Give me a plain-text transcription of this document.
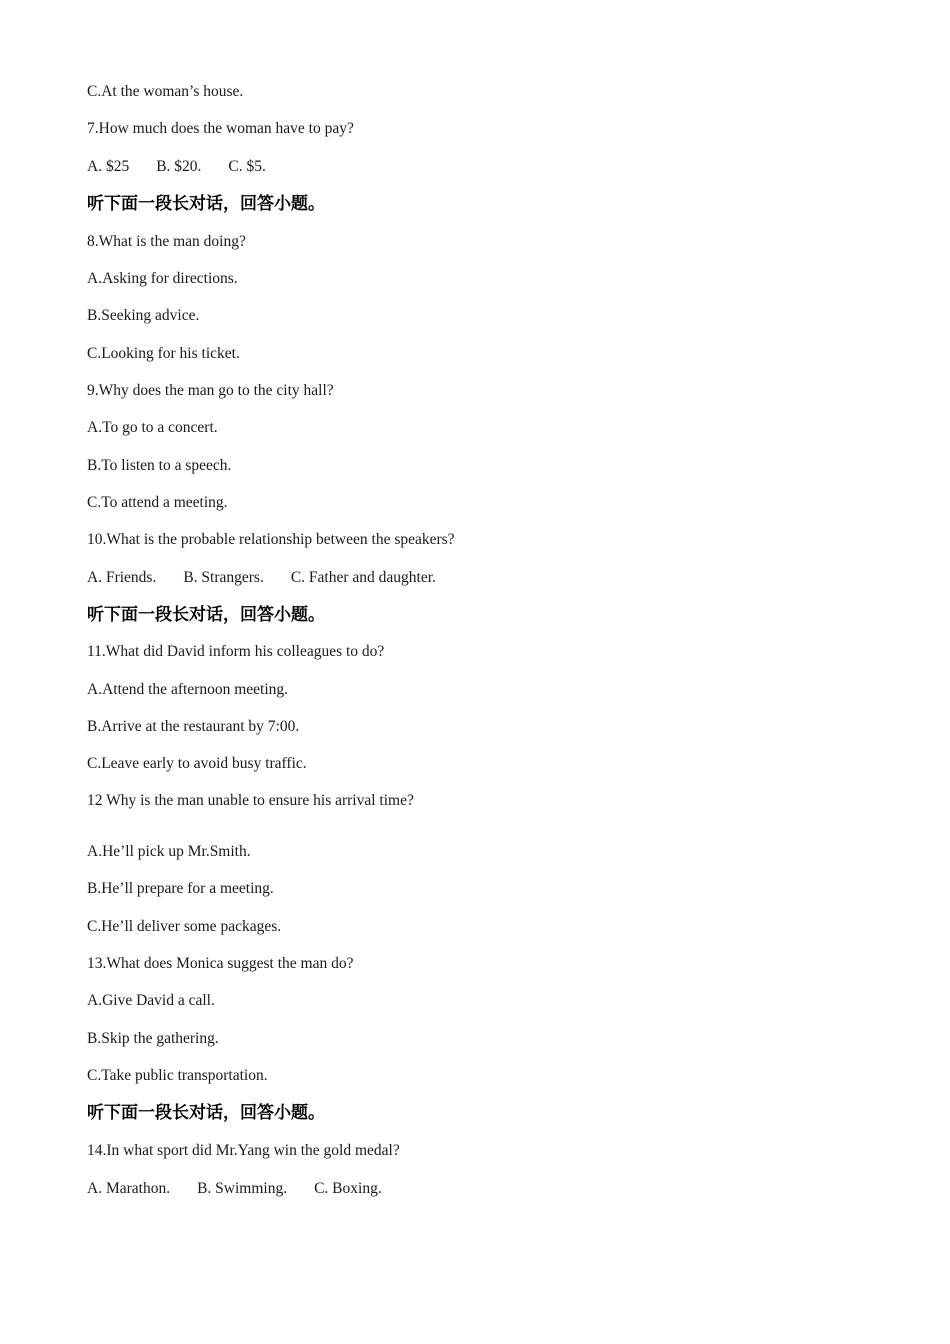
C.At the woman’s house.
7.How much does the woman have to pay?
A. $25 B. $20. C. $5.
听下面一段长对话，回答小题。
8.What is the man doing?
A.Asking for directions.
B.Seeking advice.
C.Looking for his ticket.
9.Why does the man go to the city hall?
A.To go to a concert.
B.To listen to a speech.
C.To attend a meeting.
10.What is the probable relationship between the speakers?
A. Friends. B. Strangers. C. Father and daughter.
听下面一段长对话，回答小题。
11.What did David inform his colleagues to do?
A.Attend the afternoon meeting.
B.Arrive at the restaurant by 7:00.
C.Leave early to avoid busy traffic.
12 Why is the man unable to ensure his arrival time?
A.He’ll pick up Mr.Smith.
B.He’ll prepare for a meeting.
C.He’ll deliver some packages.
13.What does Monica suggest the man do?
A.Give David a call.
B.Skip the gathering.
C.Take public transportation.
听下面一段长对话，回答小题。
14.In what sport did Mr.Yang win the gold medal?
A. Marathon. B. Swimming. C. Boxing.
